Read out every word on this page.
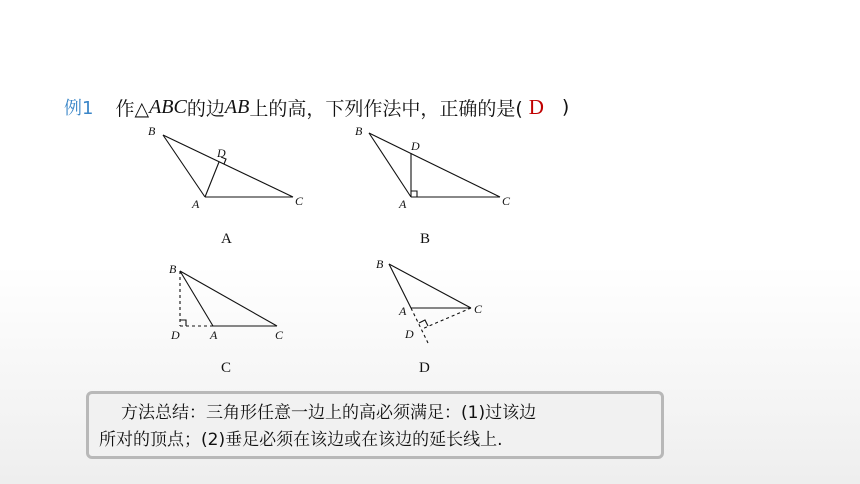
例1 作△ ABC 的边 AB 上的高，下列作法中，正确的是( D )
B
D
A	C
A
B
D
A	C
B
B
D	A	C
C
B
A	C
D
D
方法总结：三角形任意一边上的高必须满足：(1)过该边
所对的顶点；(2)垂足必须在该边或在该边的延长线上.
